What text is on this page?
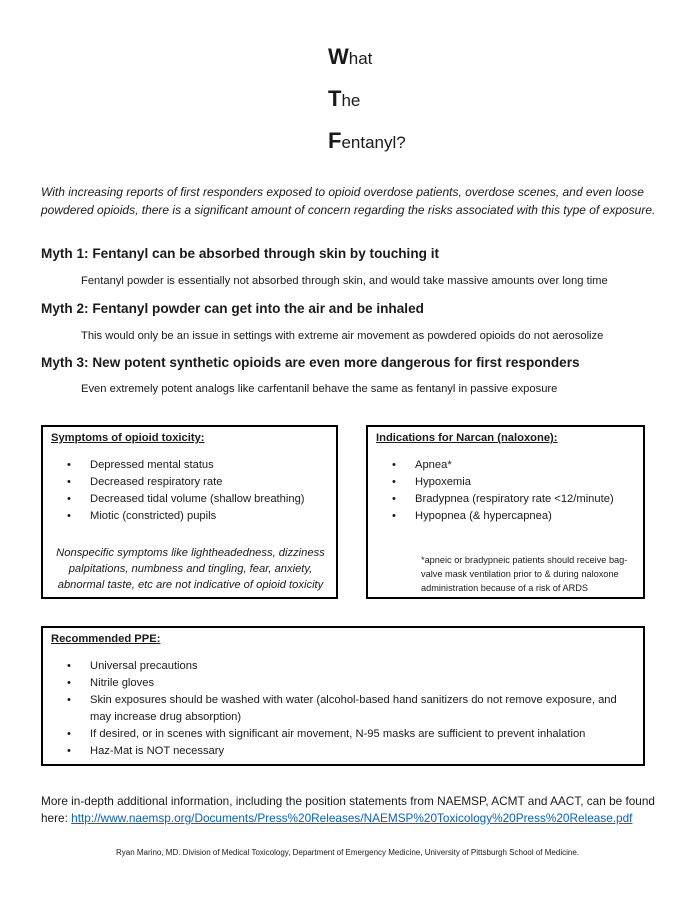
What
The
Fentanyl?
With increasing reports of first responders exposed to opioid overdose patients, overdose scenes, and even loose powdered opioids, there is a significant amount of concern regarding the risks associated with this type of exposure.
Myth 1: Fentanyl can be absorbed through skin by touching it
Fentanyl powder is essentially not absorbed through skin, and would take massive amounts over long time
Myth 2: Fentanyl powder can get into the air and be inhaled
This would only be an issue in settings with extreme air movement as powdered opioids do not aerosolize
Myth 3: New potent synthetic opioids are even more dangerous for first responders
Even extremely potent analogs like carfentanil behave the same as fentanyl in passive exposure
Symptoms of opioid toxicity:
• Depressed mental status
• Decreased respiratory rate
• Decreased tidal volume (shallow breathing)
• Miotic (constricted) pupils
Nonspecific symptoms like lightheadedness, dizziness palpitations, numbness and tingling, fear, anxiety, abnormal taste, etc are not indicative of opioid toxicity
Indications for Narcan (naloxone):
• Apnea*
• Hypoxemia
• Bradypnea (respiratory rate <12/minute)
• Hypopnea (& hypercapnea)
*apneic or bradypneic patients should receive bag-valve mask ventilation prior to & during naloxone administration because of a risk of ARDS
Recommended PPE:
• Universal precautions
• Nitrile gloves
• Skin exposures should be washed with water (alcohol-based hand sanitizers do not remove exposure, and may increase drug absorption)
• If desired, or in scenes with significant air movement, N-95 masks are sufficient to prevent inhalation
• Haz-Mat is NOT necessary
More in-depth additional information, including the position statements from NAEMSP, ACMT and AACT, can be found here: http://www.naemsp.org/Documents/Press%20Releases/NAEMSP%20Toxicology%20Press%20Release.pdf
Ryan Marino, MD. Division of Medical Toxicology, Department of Emergency Medicine, University of Pittsburgh School of Medicine.
